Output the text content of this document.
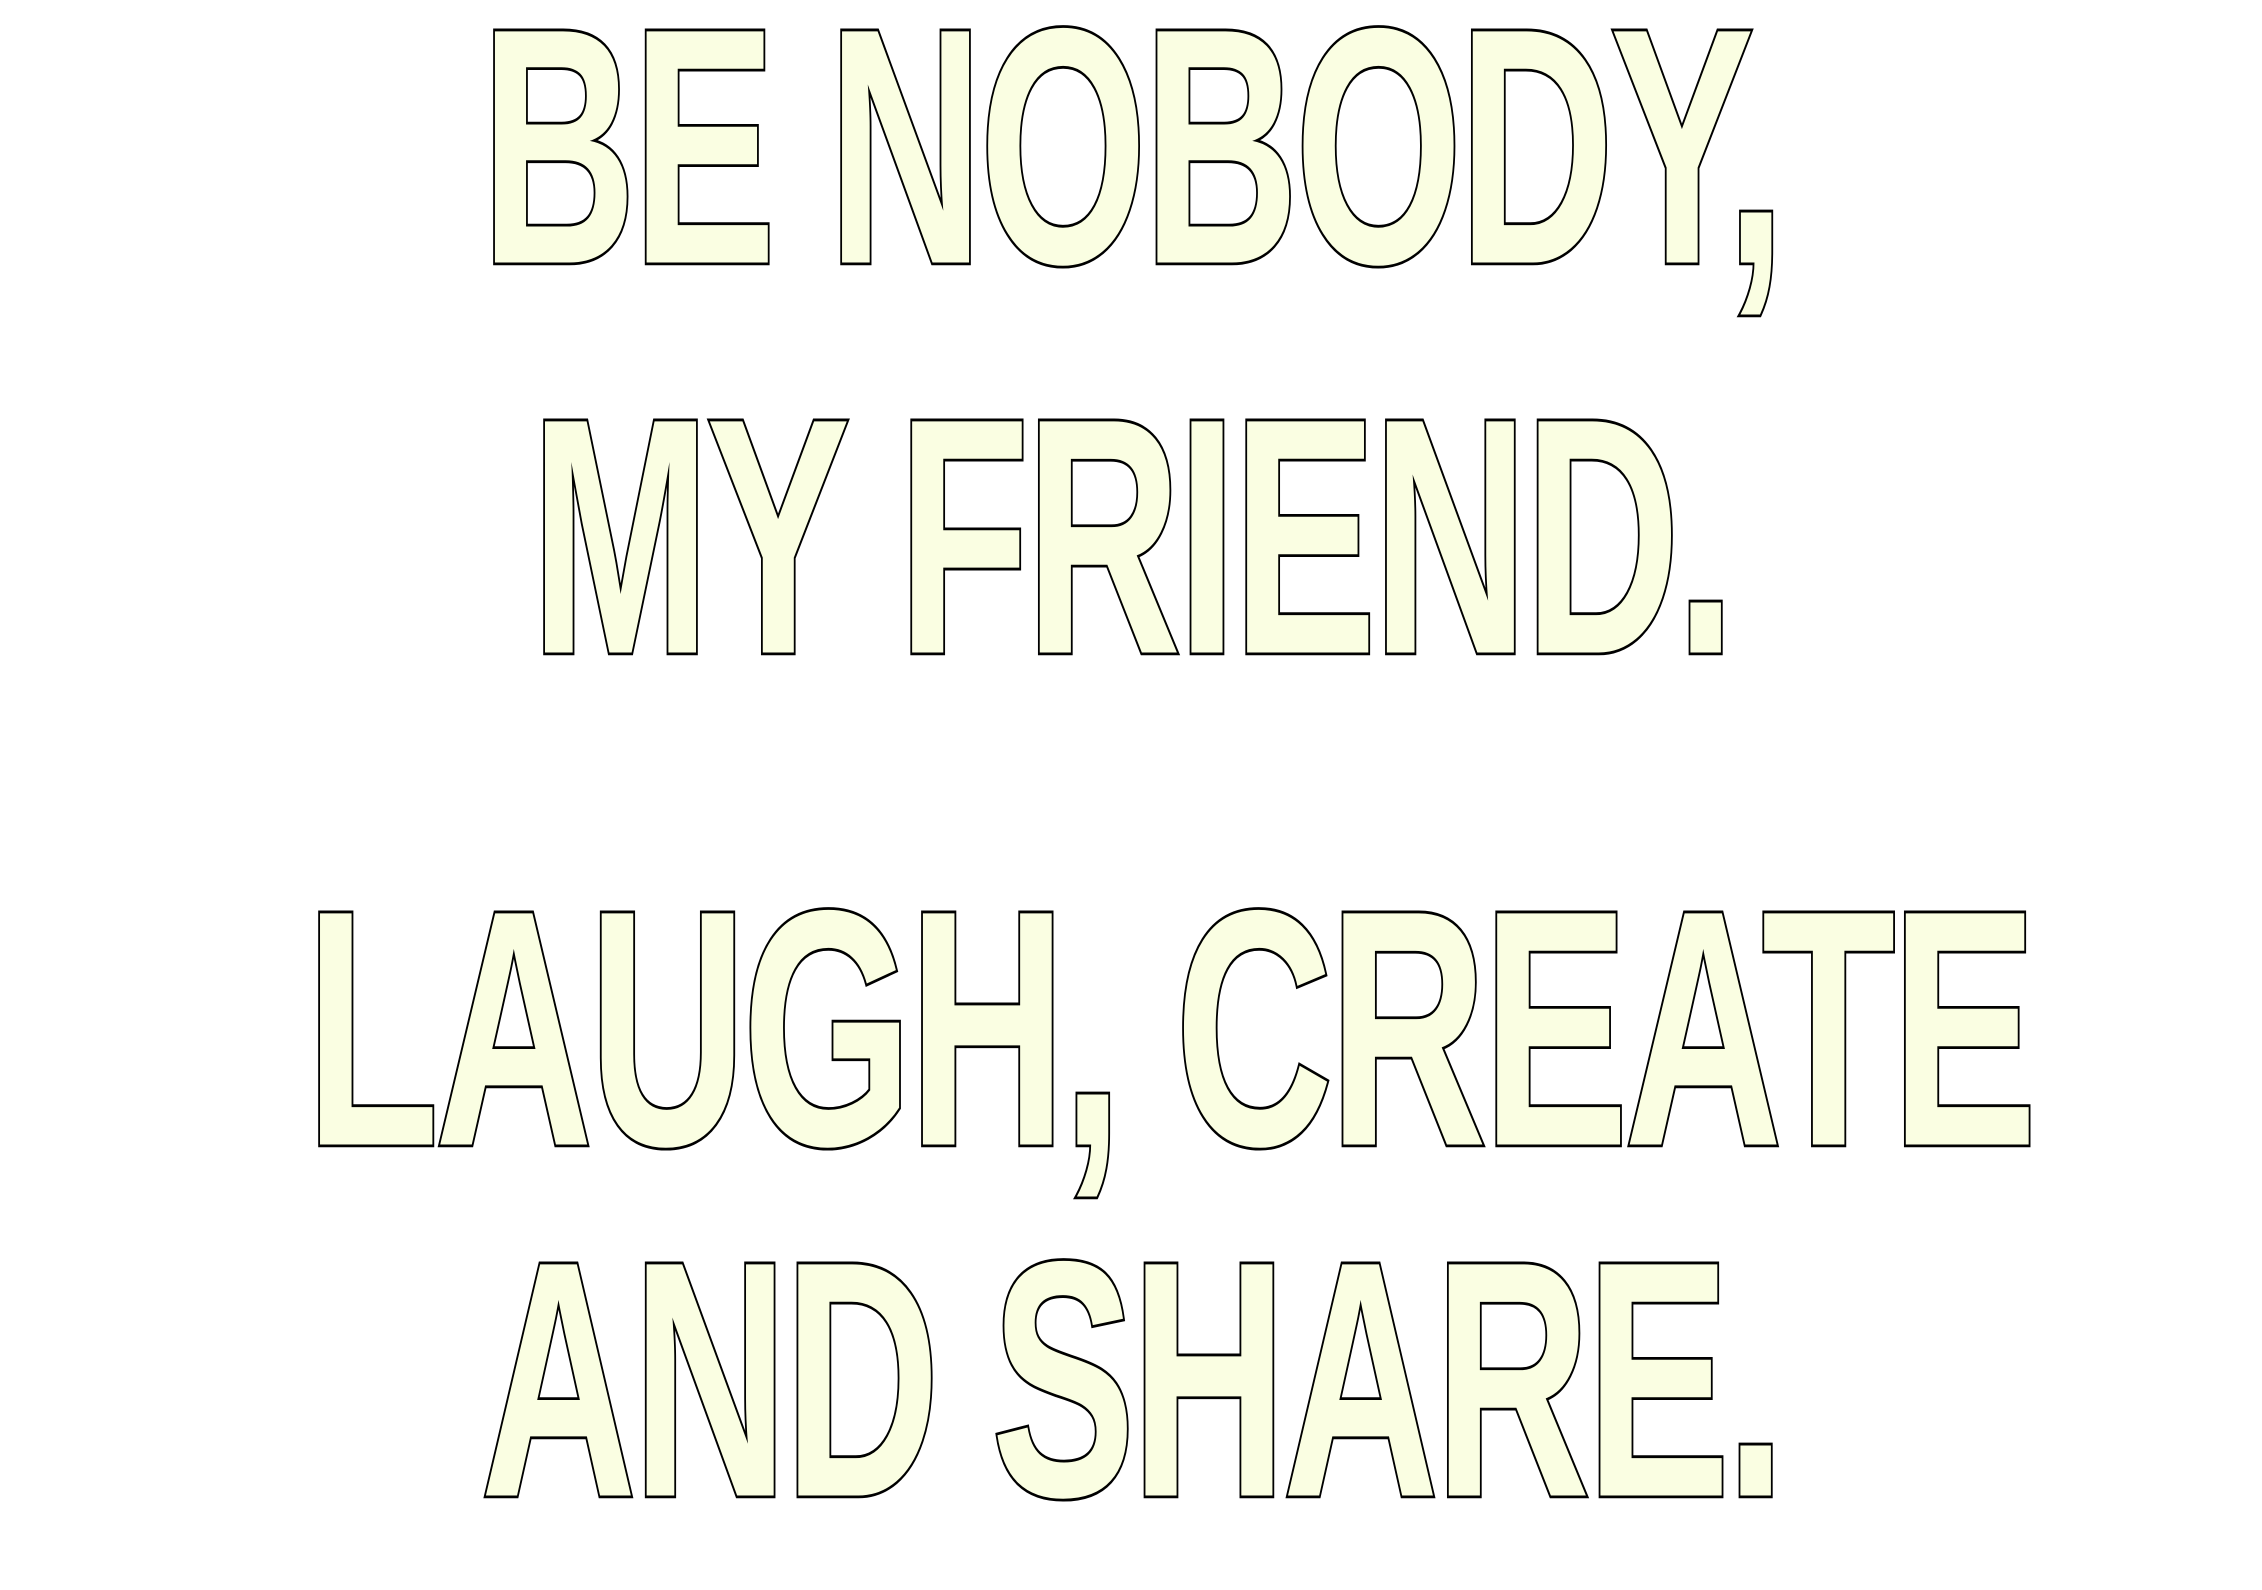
BE NOBODY,
MY FRIEND.
LAUGH, CREATE
AND SHARE.
